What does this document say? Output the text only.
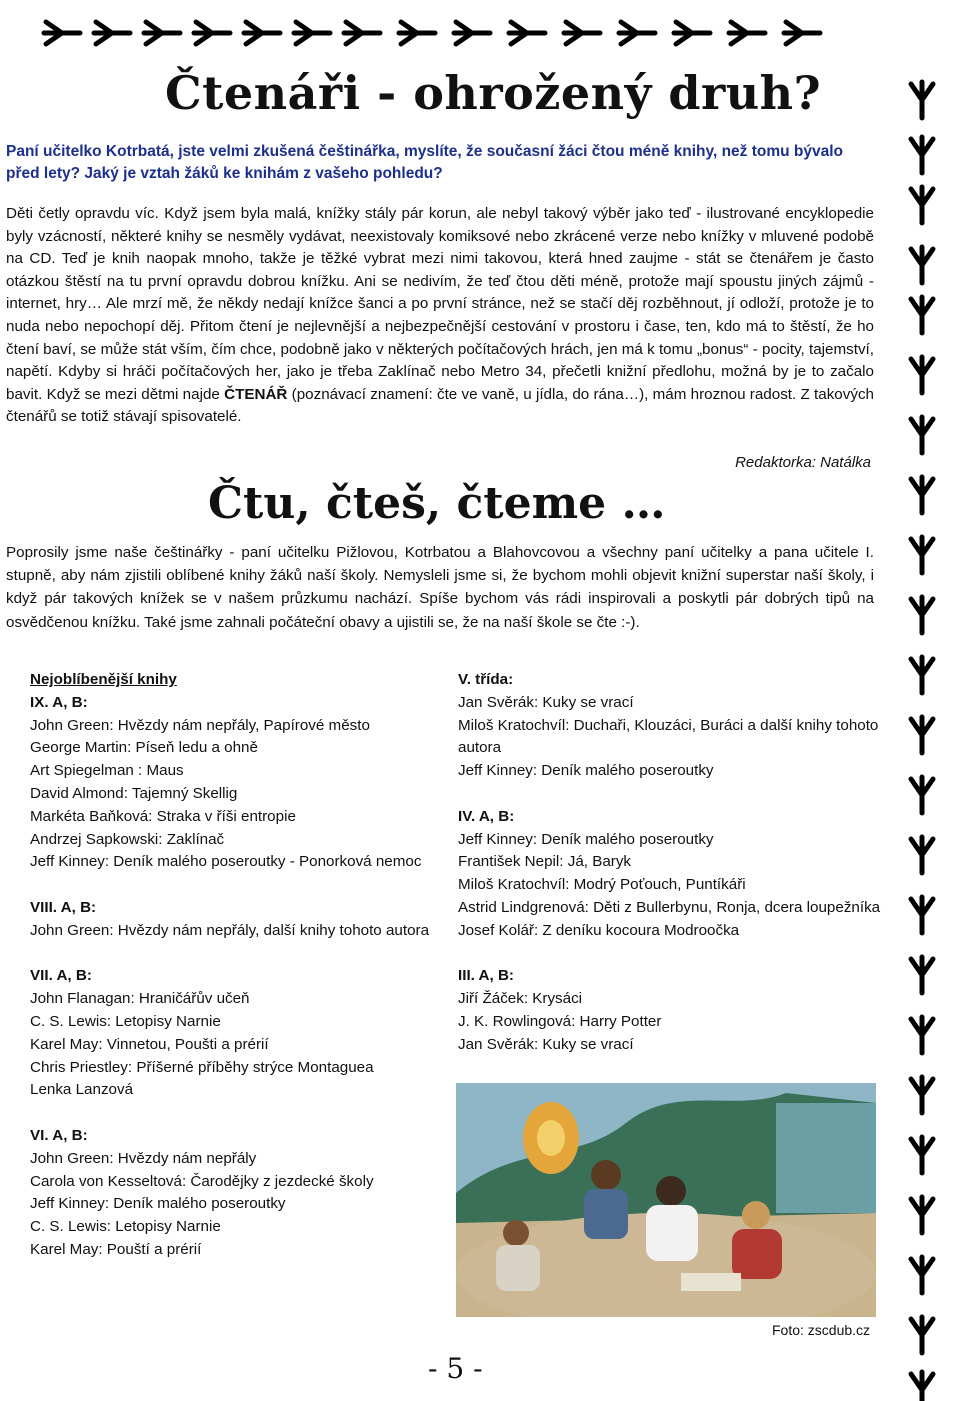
Čtenáři - ohrožený druh?
Paní učitelko Kotrbatá, jste velmi zkušená češtinářka, myslíte, že současní žáci čtou méně knihy, než tomu bývalo před lety? Jaký je vztah žáků ke knihám z vašeho pohledu?
Děti četly opravdu víc. Když jsem byla malá, knížky stály pár korun, ale nebyl takový výběr jako teď - ilustrované encyklopedie byly vzácností, některé knihy se nesměly vydávat, neexistovaly komiksové nebo zkrácené verze nebo knížky v mluvené podobě na CD. Teď je knih naopak mnoho, takže je těžké vybrat mezi nimi takovou, která hned zaujme - stát se čtenářem je často otázkou štěstí na tu první opravdu dobrou knížku. Ani se nedivím, že teď čtou děti méně, protože mají spoustu jiných zájmů - internet, hry… Ale mrzí mě, že někdy nedají knížce šanci a po první stránce, než se stačí děj rozběhnout, jí odloží, protože je to nuda nebo nepochopí děj. Přitom čtení je nejlevnější a nejbezpečnější cestování v prostoru i čase, ten, kdo má to štěstí, že ho čtení baví, se může stát vším, čím chce, podobně jako v některých počítačových hrách, jen má k tomu „bonus“ - pocity, tajemství, napětí. Kdyby si hráči počítačových her, jako je třeba Zaklínač nebo Metro 34, přečetli knižní předlohu, možná by je to začalo bavit. Když se mezi dětmi najde ČTENÁŘ (poznávací znamení: čte ve vaně, u jídla, do rána…), mám hroznou radost. Z takových čtenářů se totiž stávají spisovatelé.
Redaktorka: Natálka
Čtu, čteš, čteme …
Poprosily jsme naše češtinářky - paní učitelku Pižlovou, Kotrbatou a Blahovcovou a všechny paní učitelky a pana učitele I. stupně, aby nám zjistili oblíbené knihy žáků naší školy. Nemysleli jsme si, že bychom mohli objevit knižní superstar naší školy, i když pár takových knížek se v našem průzkumu nachází. Spíše bychom vás rádi inspirovali a poskytli pár dobrých tipů na osvědčenou knížku. Také jsme zahnali počáteční obavy a ujistili se, že na naší škole se čte :-).
Nejoblíbenější knihy
IX. A, B:
John Green: Hvězdy nám nepřály, Papírové město
George Martin: Píseň ledu a ohně
Art Spiegelman : Maus
David Almond: Tajemný Skellig
Markéta Baňková: Straka v říši entropie
Andrzej Sapkowski: Zaklínač
Jeff Kinney: Deník malého poseroutky - Ponorková nemoc
VIII. A, B:
John Green: Hvězdy nám nepřály, další knihy tohoto autora
VII. A, B:
John Flanagan: Hraničářův učeň
C. S. Lewis: Letopisy Narnie
Karel May: Vinnetou, Poušti a prérií
Chris Priestley: Příšerné příběhy strýce Montaguea
Lenka Lanzová
VI. A, B:
John Green: Hvězdy nám nepřály
Carola von Kesseltová: Čarodějky z jezdecké školy
Jeff Kinney: Deník malého poseroutky
C. S. Lewis: Letopisy Narnie
Karel May: Pouští a prérií
V. třída:
Jan Svěrák: Kuky se vrací
Miloš Kratochvíl: Duchaři, Klouzáci, Buráci a další knihy tohoto autora
Jeff Kinney: Deník malého poseroutky
IV. A, B:
Jeff Kinney: Deník malého poseroutky
František Nepil: Já, Baryk
Miloš Kratochvíl: Modrý Poťouch, Puntíkáři
Astrid Lindgrenová: Děti z Bullerbynu, Ronja, dcera loupežníka
Josef Kolář: Z deníku kocoura Modroočka
III. A, B:
Jiří Žáček: Krysáci
J. K. Rowlingová: Harry Potter
Jan Svěrák: Kuky se vrací
Foto: zscdub.cz
- 5 -
